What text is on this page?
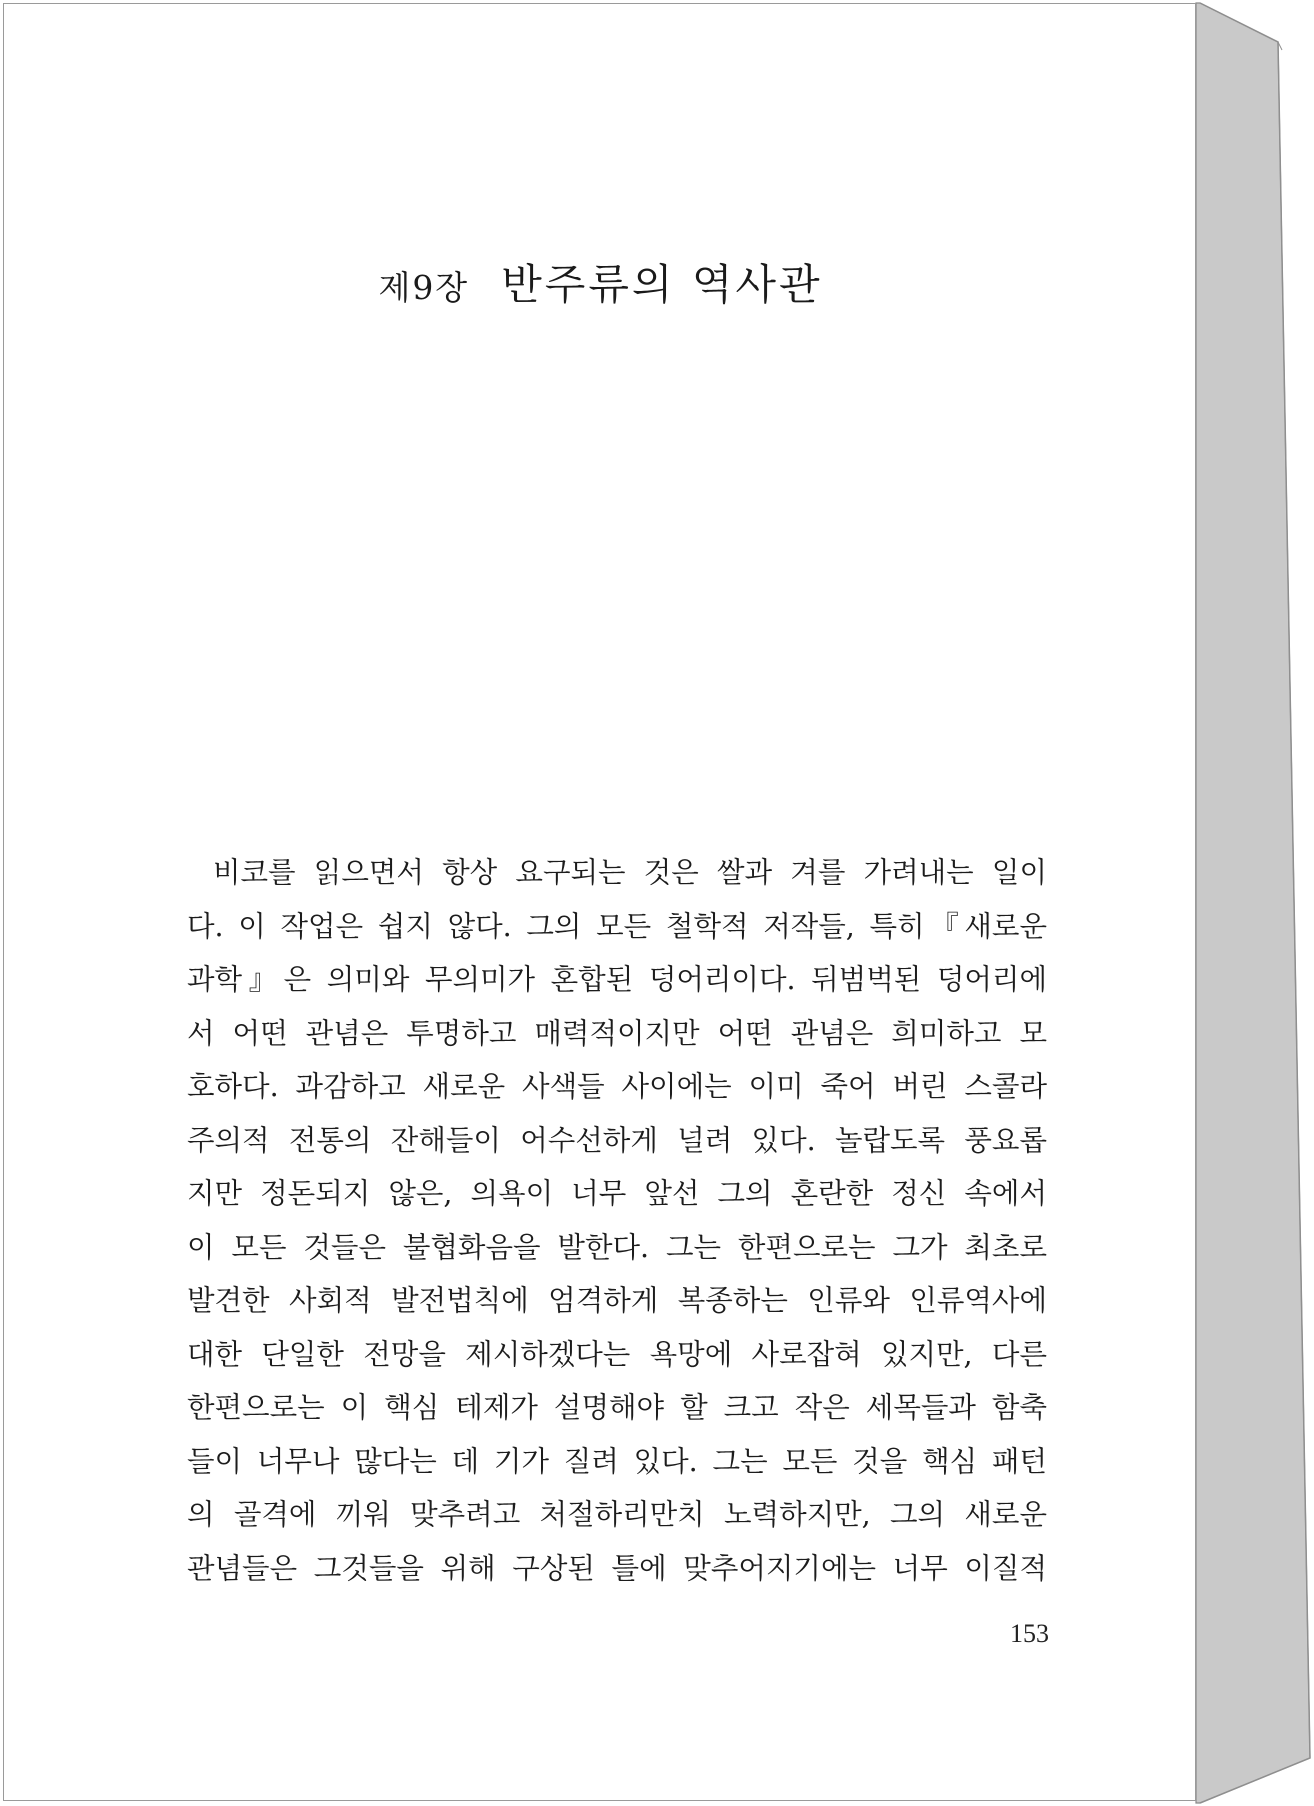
제9장 반주류의 역사관
비코를 읽으면서 항상 요구되는 것은 쌀과 겨를 가려내는 일이
다. 이 작업은 쉽지 않다. 그의 모든 철학적 저작들, 특히『새로운
과학』은 의미와 무의미가 혼합된 덩어리이다. 뒤범벅된 덩어리에
서 어떤 관념은 투명하고 매력적이지만 어떤 관념은 희미하고 모
호하다. 과감하고 새로운 사색들 사이에는 이미 죽어 버린 스콜라
주의적 전통의 잔해들이 어수선하게 널려 있다. 놀랍도록 풍요롭
지만 정돈되지 않은, 의욕이 너무 앞선 그의 혼란한 정신 속에서
이 모든 것들은 불협화음을 발한다. 그는 한편으로는 그가 최초로
발견한 사회적 발전법칙에 엄격하게 복종하는 인류와 인류역사에
대한 단일한 전망을 제시하겠다는 욕망에 사로잡혀 있지만, 다른
한편으로는 이 핵심 테제가 설명해야 할 크고 작은 세목들과 함축
들이 너무나 많다는 데 기가 질려 있다. 그는 모든 것을 핵심 패턴
의 골격에 끼워 맞추려고 처절하리만치 노력하지만, 그의 새로운
관념들은 그것들을 위해 구상된 틀에 맞추어지기에는 너무 이질적
153
